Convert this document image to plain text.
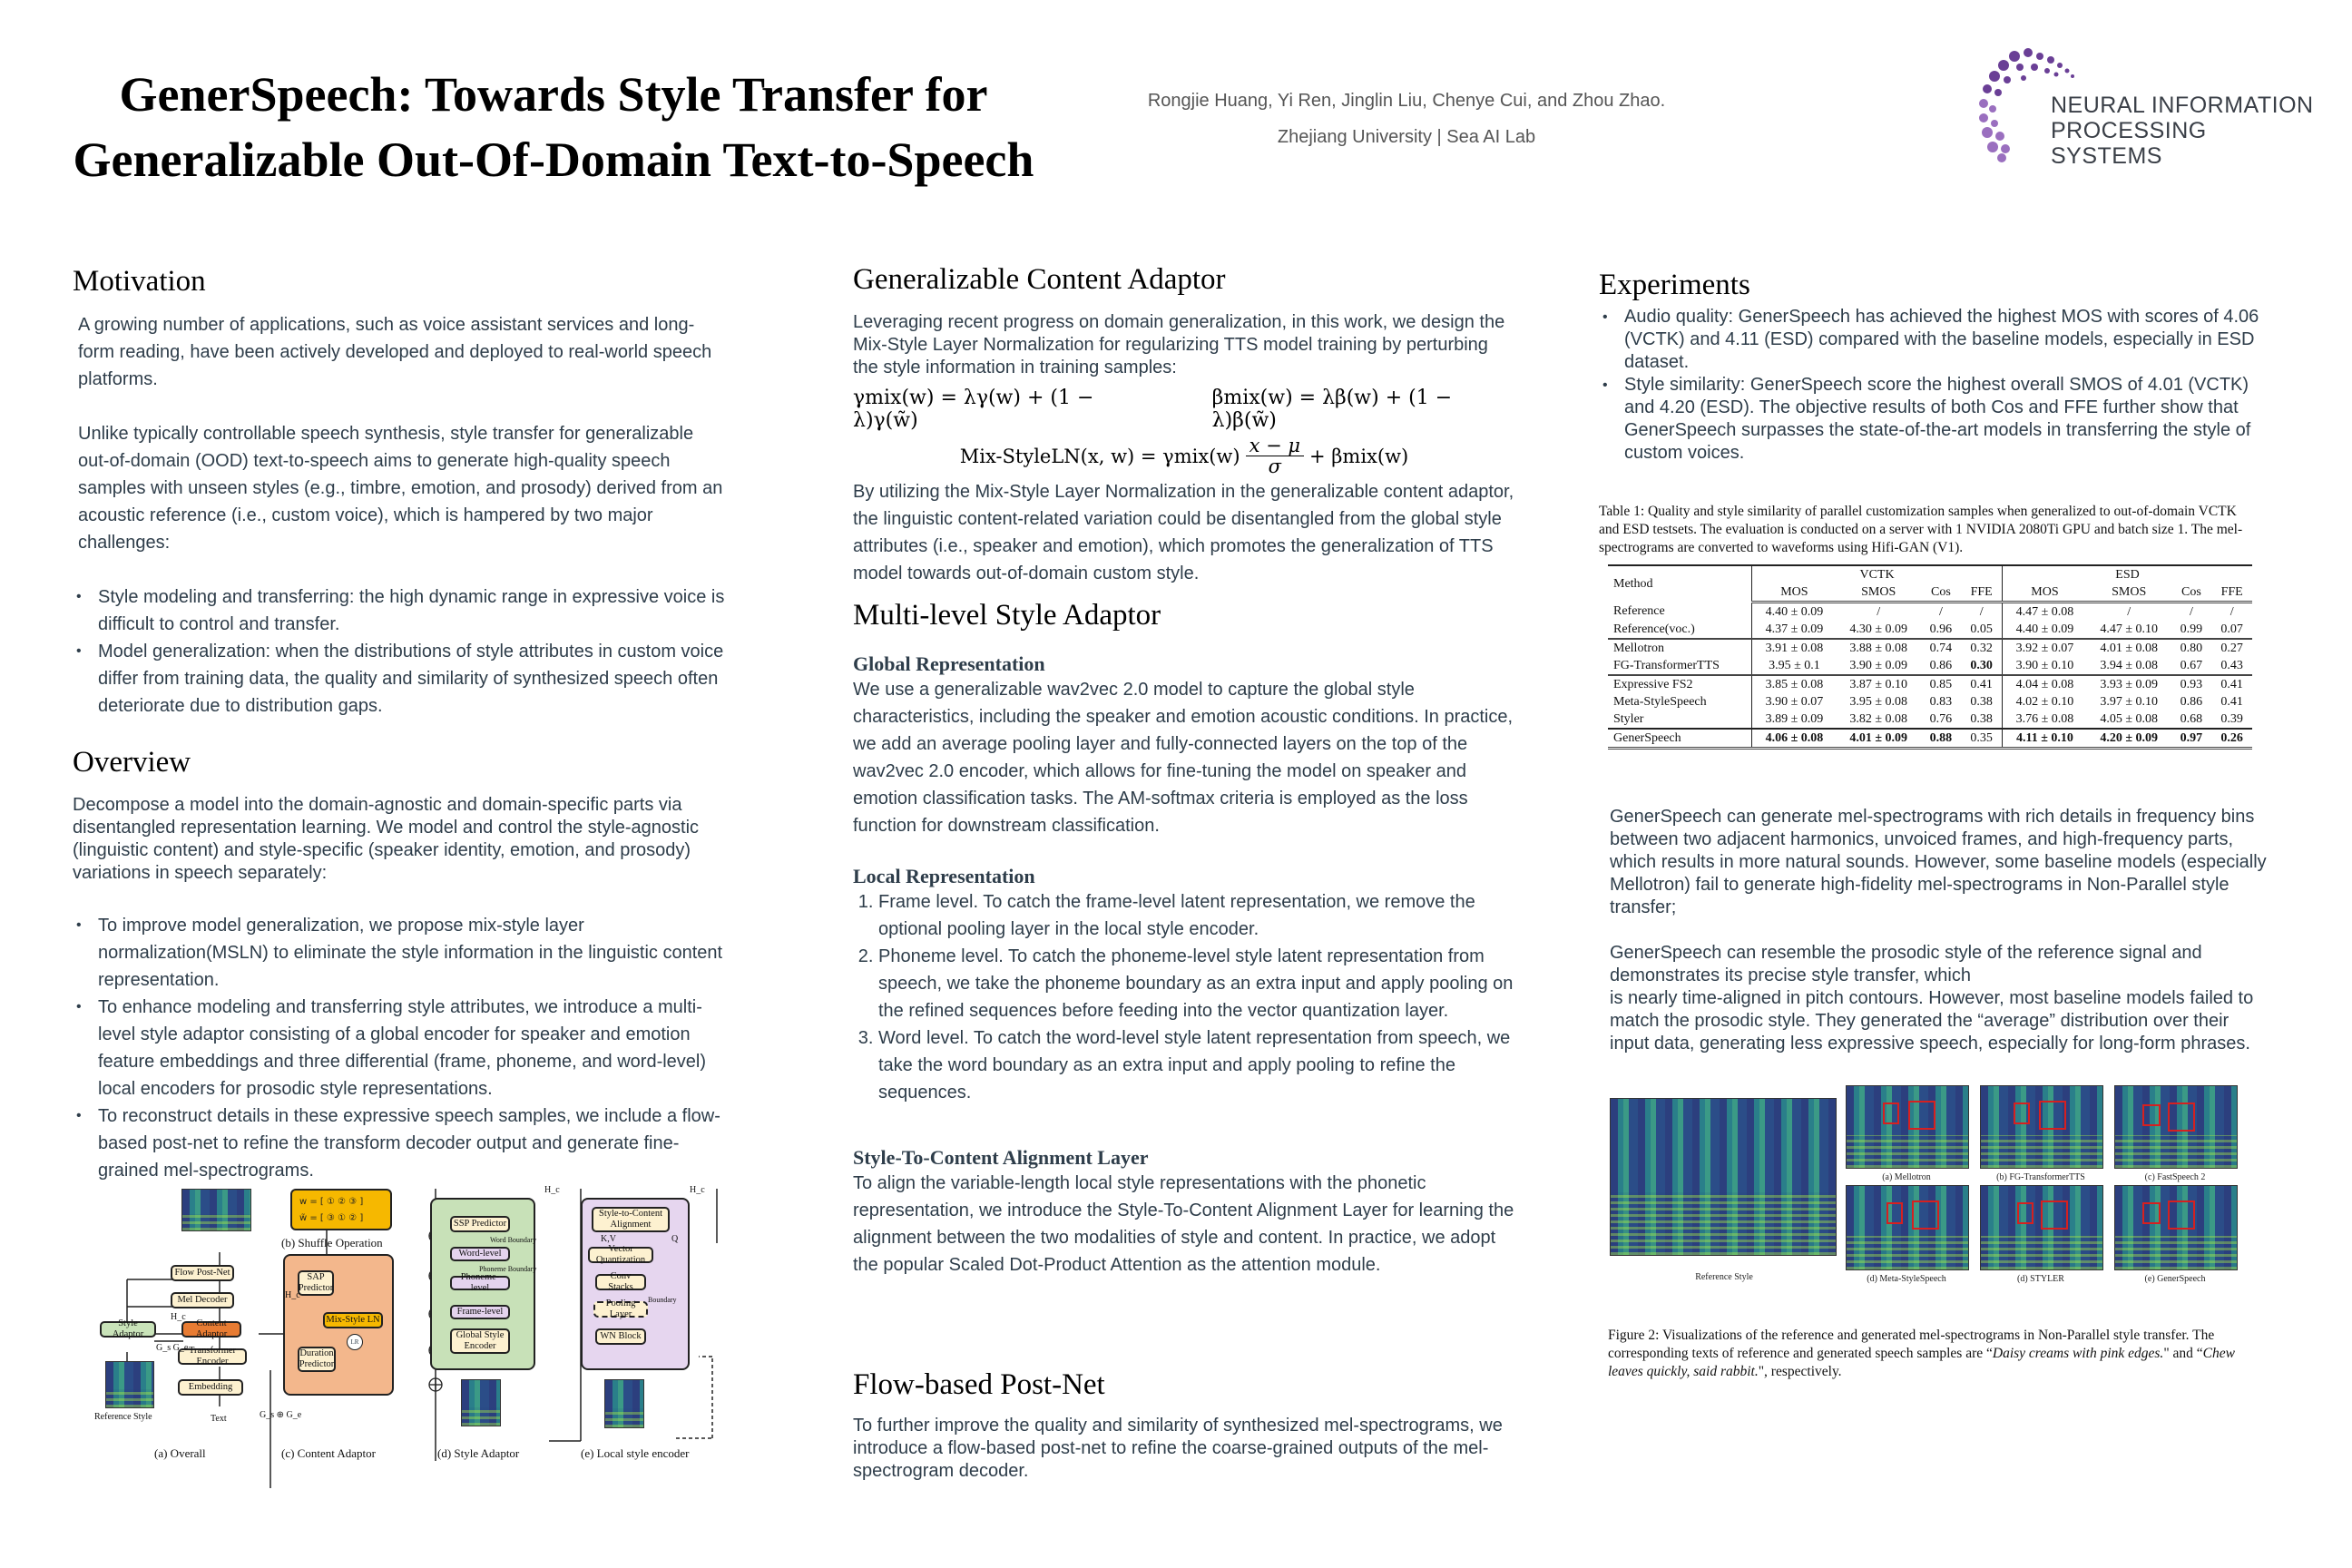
GenerSpeech: Towards Style Transfer for
Generalizable Out-Of-Domain Text-to-Speech
Rongjie Huang, Yi Ren, Jinglin Liu, Chenye Cui, and Zhou Zhao.
Zhejiang University | Sea AI Lab
NEURAL INFORMATION
PROCESSING SYSTEMS
Motivation

A growing number of applications, such as voice assistant services and long-form reading, have been actively developed and deployed to real-world speech platforms.

Unlike typically controllable speech synthesis, style transfer for generalizable out-of-domain (OOD) text-to-speech aims to generate high-quality speech samples with unseen styles (e.g., timbre, emotion, and prosody) derived from an acoustic reference (i.e., custom voice), which is hampered by two major challenges:

• Style modeling and transferring: the high dynamic range in expressive voice is difficult to control and transfer.
• Model generalization: when the distributions of style attributes in custom voice differ from training data, the quality and similarity of synthesized speech often deteriorate due to distribution gaps.
Overview

Decompose a model into the domain-agnostic and domain-specific parts via disentangled representation learning. We model and control the style-agnostic (linguistic content) and style-specific (speaker identity, emotion, and prosody) variations in speech separately:

• To improve model generalization, we propose mix-style layer normalization(MSLN) to eliminate the style information in the linguistic content representation.
• To enhance modeling and transferring style attributes, we introduce a multi-level style adaptor consisting of a global encoder for speaker and emotion feature embeddings and three differential (frame, phoneme, and word-level) local encoders for prosodic style representations.
• To reconstruct details in these expressive speech samples, we include a flow-based post-net to refine the transform decoder output and generate fine-grained mel-spectrograms.
Flow Post-Net
Mel Decoder
Content Adaptor
Style Adaptor
Transformer Encoder
Embedding
H_c
G_s G_e
Reference Style	Text
(a) Overall
w = [ ① ② ③ ]
w̃ = [ ③ ① ② ]
(b) Shuffle Operation
SAP Predictor
Mix-Style LN
Duration Predictor
LR
H_c
G_s ⊕ G_e
(c) Content Adaptor
SSP Predictor
Word Boundary
Word-level
Phoneme Boundary
Phoneme-level
Frame-level
Global Style Encoder
H_c
(d) Style Adaptor
Style-to-Content Alignment
K,V	Q
Vector Quantization
Conv Stacks
Pooling Layer
Boundary
WN Block
H_c
(e) Local style encoder
Generalizable Content Adaptor

Leveraging recent progress on domain generalization, in this work, we design the Mix-Style Layer Normalization for regularizing TTS model training by perturbing the style information in training samples:

γmix(w) = λγ(w) + (1 − λ)γ(w̃)
βmix(w) = λβ(w) + (1 − λ)β(w̃)
Mix-StyleLN(x, $w) = \gamma mix(w) \frac{x - \mu}{\sigma} + \beta mix(w)$

By utilizing the Mix-Style Layer Normalization in the generalizable content adaptor, the linguistic content-related variation could be disentangled from the global style attributes (i.e., speaker and emotion), which promotes the generalization of TTS model towards out-of-domain custom style.

Multi-level Style Adaptor
Global Representation

We use a generalizable wav2vec 2.0 model to capture the global style characteristics, including the speaker and emotion acoustic conditions. In practice, we add an average pooling layer and fully-connected layers on the top of the wav2vec 2.0 encoder, which allows for fine-tuning the model on speaker and emotion classification tasks. The AM-softmax criteria is employed as the loss function for downstream classification.

Local Representation
1. Frame level. To catch the frame-level latent representation, we remove the optional pooling layer in the local style encoder.
2. Phoneme level. To catch the phoneme-level style latent representation from speech, we take the phoneme boundary as an extra input and apply pooling on the refined sequences before feeding into the vector quantization layer.
3. Word level. To catch the word-level style latent representation from speech, we take the word boundary as an extra input and apply pooling to refine the sequences.
Style-To-Content Alignment Layer

To align the variable-length local style representations with the phonetic representation, we introduce the Style-To-Content Alignment Layer for learning the alignment between the two modalities of style and content. In practice, we adopt the popular Scaled Dot-Product Attention as the attention module.

Flow-based Post-Net

To further improve the quality and similarity of synthesized mel-spectrograms, we introduce a flow-based post-net to refine the coarse-grained outputs of the mel-spectrogram decoder.

Experiments
• Audio quality: GenerSpeech has achieved the highest MOS with scores of 4.06 (VCTK) and 4.11 (ESD) compared with the baseline models, especially in ESD dataset.
• Style similarity: GenerSpeech score the highest overall SMOS of 4.01 (VCTK) and 4.20 (ESD). The objective results of both Cos and FFE further show that GenerSpeech surpasses the state-of-the-art models in transferring the style of custom voices.
Table 1: Quality and style similarity of parallel customization samples when generalized to out-of-domain VCTK and ESD testsets. The evaluation is conducted on a server with 1 NVIDIA 2080Ti GPU and batch size 1. The mel-spectrograms are converted to waveforms using Hifi-GAN (V1).
Method	VCTK				ESD			
	MOS	SMOS	Cos	FFE	MOS	SMOS	Cos	FFE
Reference	4.40 ± 0.09	/	/	/	4.47 ± 0.08	/	/	/
Reference(voc.)	4.37 ± 0.09	4.30 ± 0.09	0.96	0.05	4.40 ± 0.09	4.47 ± 0.10	0.99	0.07
Mellotron	3.91 ± 0.08	3.88 ± 0.08	0.74	0.32	3.92 ± 0.07	4.01 ± 0.08	0.80	0.27
FG-TransformerTTS	3.95 ± 0.1	3.90 ± 0.09	0.86	0.30	3.90 ± 0.10	3.94 ± 0.08	0.67	0.43
Expressive FS2	3.85 ± 0.08	3.87 ± 0.10	0.85	0.41	4.04 ± 0.08	3.93 ± 0.09	0.93	0.41
Meta-StyleSpeech	3.90 ± 0.07	3.95 ± 0.08	0.83	0.38	4.02 ± 0.10	3.97 ± 0.10	0.86	0.41
Styler	3.89 ± 0.09	3.82 ± 0.08	0.76	0.38	3.76 ± 0.08	4.05 ± 0.08	0.68	0.39
GenerSpeech	4.06 ± 0.08	4.01 ± 0.09	0.88	0.35	4.11 ± 0.10	4.20 ± 0.09	0.97	0.26

GenerSpeech can generate mel-spectrograms with rich details in frequency bins between two adjacent harmonics, unvoiced frames, and high-frequency parts, which results in more natural sounds. However, some baseline models (especially Mellotron) fail to generate high-fidelity mel-spectrograms in Non-Parallel style transfer;

GenerSpeech can resemble the prosodic style of the reference signal and demonstrates its precise style transfer, which

is nearly time-aligned in pitch contours. However, most baseline models failed to match the prosodic style. They generated the “average” distribution over their input data, generating less expressive speech, especially for long-form phrases.

Reference Style
(a) Mellotron	(b) FG-TransformerTTS	(c) FastSpeech 2
(d) Meta-StyleSpeech	(d) STYLER	(e) GenerSpeech
Figure 2: Visualizations of the reference and generated mel-spectrograms in Non-Parallel style transfer. The corresponding texts of reference and generated speech samples are “Daisy creams with pink edges." and “Chew leaves quickly, said rabbit.", respectively.
